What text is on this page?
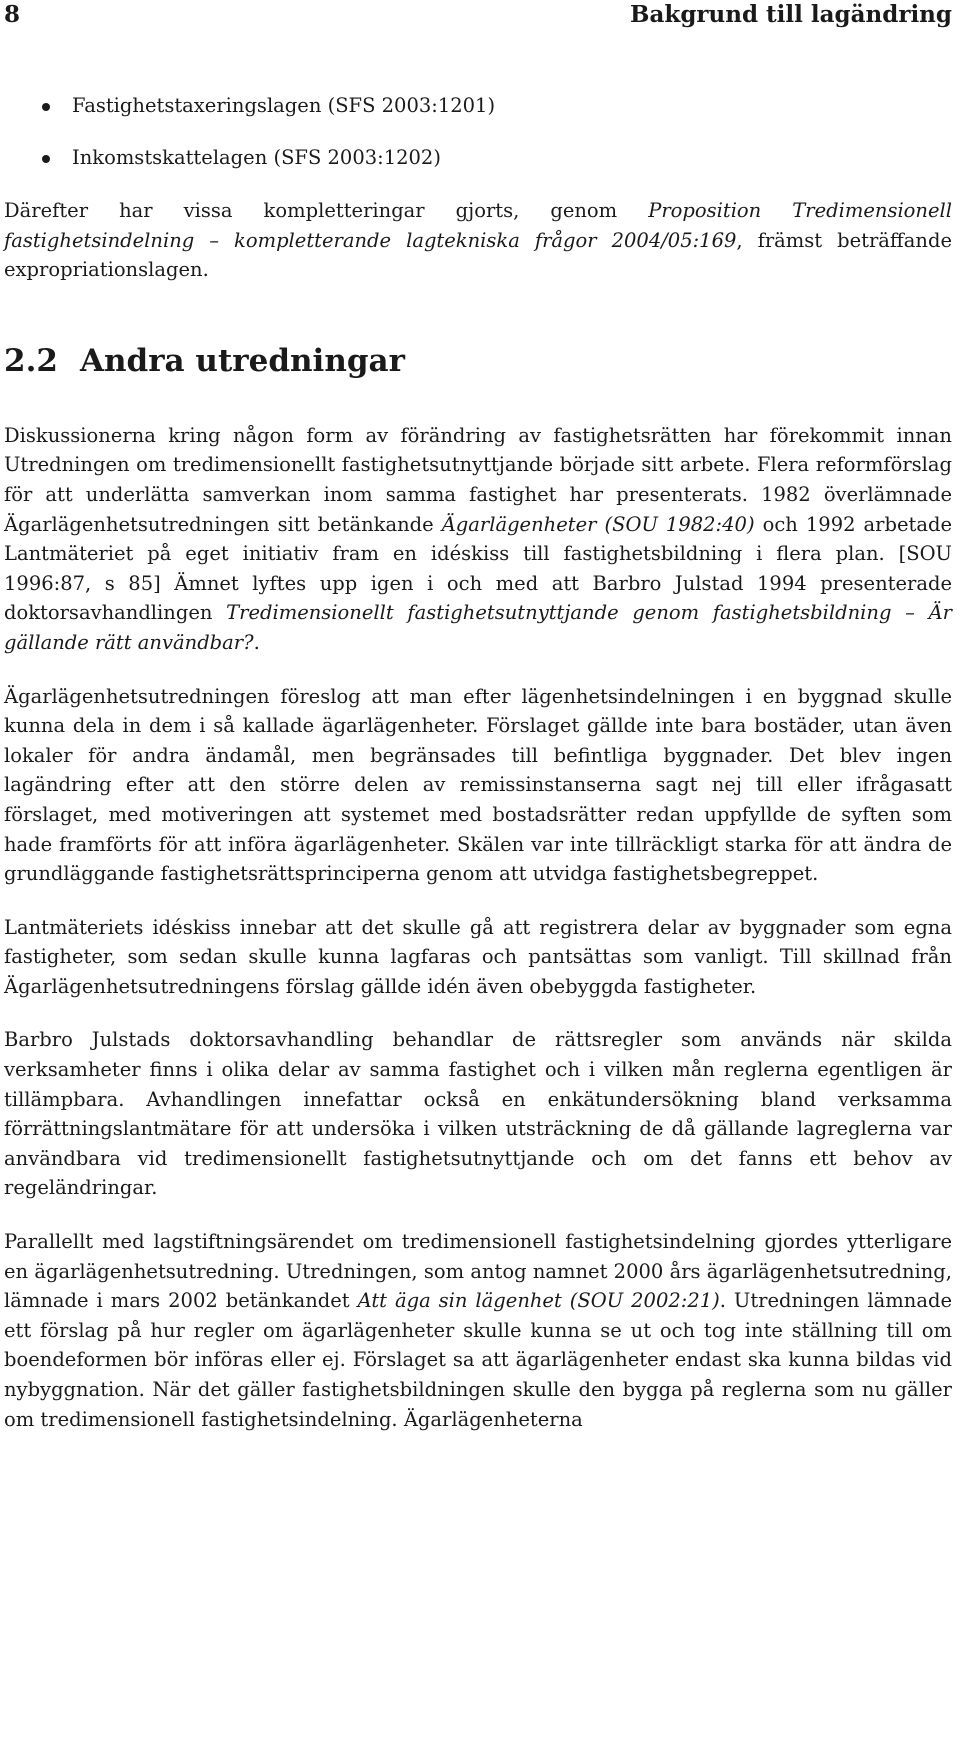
8	Bakgrund till lagändring
Fastighetstaxeringslagen (SFS 2003:1201)
Inkomstskattelagen (SFS 2003:1202)

Därefter har vissa kompletteringar gjorts, genom Proposition Tredimensionell fastighetsindelning – kompletterande lagtekniska frågor 2004/05:169, främst beträffande expropriationslagen.

2.2 Andra utredningar

Diskussionerna kring någon form av förändring av fastighetsrätten har förekommit innan Utredningen om tredimensionellt fastighetsutnyttjande började sitt arbete. Flera reformförslag för att underlätta samverkan inom samma fastighet har presenterats. 1982 överlämnade Ägarlägenhetsutredningen sitt betänkande Ägarlägenheter (SOU 1982:40) och 1992 arbetade Lantmäteriet på eget initiativ fram en idéskiss till fastighetsbildning i flera plan. [SOU 1996:87, s 85] Ämnet lyftes upp igen i och med att Barbro Julstad 1994 presenterade doktorsavhandlingen Tredimensionellt fastighetsutnyttjande genom fastighetsbildning – Är gällande rätt användbar?.

Ägarlägenhetsutredningen föreslog att man efter lägenhetsindelningen i en byggnad skulle kunna dela in dem i så kallade ägarlägenheter. Förslaget gällde inte bara bostäder, utan även lokaler för andra ändamål, men begränsades till befintliga byggnader. Det blev ingen lagändring efter att den större delen av remissinstanserna sagt nej till eller ifrågasatt förslaget, med motiveringen att systemet med bostadsrätter redan uppfyllde de syften som hade framförts för att införa ägarlägenheter. Skälen var inte tillräckligt starka för att ändra de grundläggande fastighetsrättsprinciperna genom att utvidga fastighetsbegreppet.

Lantmäteriets idéskiss innebar att det skulle gå att registrera delar av byggnader som egna fastigheter, som sedan skulle kunna lagfaras och pantsättas som vanligt. Till skillnad från Ägarlägenhetsutredningens förslag gällde idén även obebyggda fastigheter.

Barbro Julstads doktorsavhandling behandlar de rättsregler som används när skilda verksamheter finns i olika delar av samma fastighet och i vilken mån reglerna egentligen är tillämpbara. Avhandlingen innefattar också en enkätundersökning bland verksamma förrättningslantmätare för att undersöka i vilken utsträckning de då gällande lagreglerna var användbara vid tredimensionellt fastighetsutnyttjande och om det fanns ett behov av regeländringar.

Parallellt med lagstiftningsärendet om tredimensionell fastighetsindelning gjordes ytterligare en ägarlägenhetsutredning. Utredningen, som antog namnet 2000 års ägarlägenhetsutredning, lämnade i mars 2002 betänkandet Att äga sin lägenhet (SOU 2002:21). Utredningen lämnade ett förslag på hur regler om ägarlägenheter skulle kunna se ut och tog inte ställning till om boendeformen bör införas eller ej. Förslaget sa att ägarlägenheter endast ska kunna bildas vid nybyggnation. När det gäller fastighetsbildningen skulle den bygga på reglerna som nu gäller om tredimensionell fastighetsindelning. Ägarlägenheterna
